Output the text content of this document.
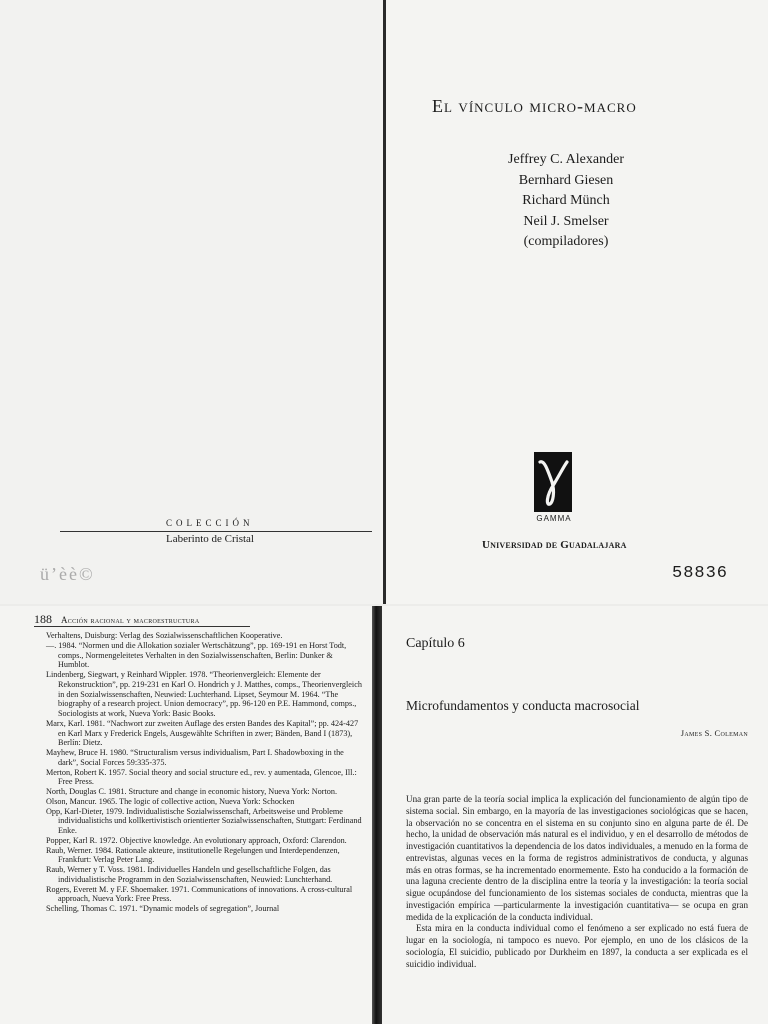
COLECCIÓN
Laberinto de Cristal
ü’èè©
El vínculo micro-macro
Jeffrey C. Alexander
Bernhard Giesen
Richard Münch
Neil J. Smelser
(compiladores)
GAMMA
Universidad de Guadalajara
58836
188 Acción racional y macroestructura
Verhaltens, Duisburg: Verlag des Sozialwissenschaftlichen Kooperative.
—. 1984. “Normen und die Allokation sozialer Wertschätzung”, pp. 169-191 en Horst Todt, comps., Normengeleitetes Verhalten in den Sozialwissenschaften, Berlin: Dunker & Humblot.
Lindenberg, Siegwart, y Reinhard Wippler. 1978. “Theorienvergleich: Elemente der Rekonstrucktion”, pp. 219-231 en Karl O. Hondrich y J. Matthes, comps., Theorienvergleich in den Sozialwissenschaften, Neuwied: Luchterhand. Lipset, Seymour M. 1964. “The biography of a research project. Union democracy”, pp. 96-120 en P.E. Hammond, comps., Sociologists at work, Nueva York: Basic Books.
Marx, Karl. 1981. “Nachwort zur zweiten Auflage des ersten Bandes des Kapital”; pp. 424-427 en Karl Marx y Frederick Engels, Ausgewählte Schriften in zwer; Bänden, Band I (1873), Berlín: Dietz.
Mayhew, Bruce H. 1980. “Structuralism versus individualism, Part I. Shadowboxing in the dark”, Social Forces 59:335-375.
Merton, Robert K. 1957. Social theory and social structure ed., rev. y aumentada, Glencoe, Ill.: Free Press.
North, Douglas C. 1981. Structure and change in economic history, Nueva York: Norton.
Olson, Mancur. 1965. The logic of collective action, Nueva York: Schocken
Opp, Karl-Dieter, 1979. Individualistische Sozialwissenschaft, Arbeitsweise und Probleme individualistichs und kollkertivistisch orientierter Sozialwissenschaften, Stuttgart: Ferdinand Enke.
Popper, Karl R. 1972. Objective knowledge. An evolutionary approach, Oxford: Clarendon.
Raub, Werner. 1984. Rationale akteure, institutionelle Regelungen und Interdependenzen, Frankfurt: Verlag Peter Lang.
Raub, Werner y T. Voss. 1981. Individuelles Handeln und gesellschaftliche Folgen, das individualistische Programm in den Sozialwissenschaften, Neuwied: Lunchterhand.
Rogers, Everett M. y F.F. Shoemaker. 1971. Communications of innovations. A cross-cultural approach, Nueva York: Free Press.
Schelling, Thomas C. 1971. “Dynamic models of segregation”, Journal
Capítulo 6
Microfundamentos y conducta macrosocial
James S. Coleman

Una gran parte de la teoría social implica la explicación del funcionamiento de algún tipo de sistema social. Sin embargo, en la mayoría de las investigaciones sociológicas que se hacen, la observación no se concentra en el sistema en su conjunto sino en alguna parte de él. De hecho, la unidad de observación más natural es el individuo, y en el desarrollo de métodos de investigación cuantitativos la dependencia de los datos individuales, a menudo en la forma de entrevistas, algunas veces en la forma de registros administrativos de conducta, y algunas más en otras formas, se ha incrementado enormemente. Esto ha conducido a la formación de una laguna creciente dentro de la disciplina entre la teoría y la investigación: la teoría social sigue ocupándose del funcionamiento de los sistemas sociales de conducta, mientras que la investigación empírica —particularmente la investigación cuantitativa— se ocupa en gran medida de la explicación de la conducta individual.

Esta mira en la conducta individual como el fenómeno a ser explicado no está fuera de lugar en la sociología, ni tampoco es nuevo. Por ejemplo, en uno de los clásicos de la sociología, El suicidio, publicado por Durkheim en 1897, la conducta a ser explicada es el suicidio individual.
